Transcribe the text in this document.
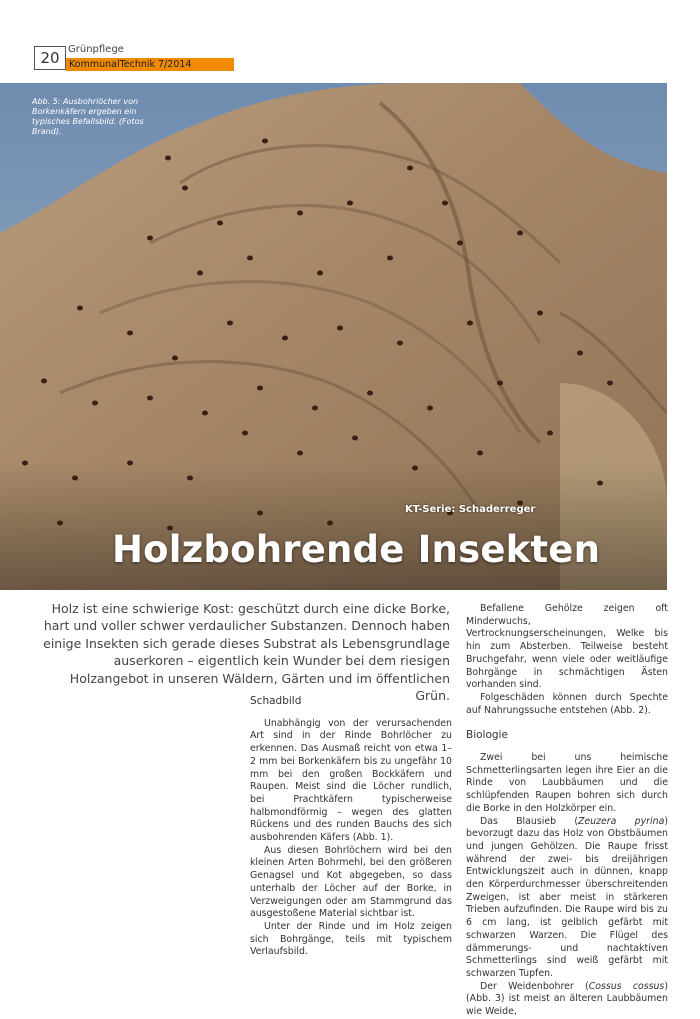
20 Grünpflege
KommunalTechnik 7/2014
Abb. 5: Ausbohrlöcher von Borkenkäfern ergeben ein typisches Befallsbild. (Fotos Brand).
KT-Serie: Schaderreger
Holzbohrende Insekten
Holz ist eine schwierige Kost: geschützt durch eine dicke Borke, hart und voller schwer verdaulicher Substanzen. Dennoch haben einige Insekten sich gerade dieses Substrat als Lebensgrundlage auserkoren – eigentlich kein Wunder bei dem riesigen Holzangebot in unseren Wäldern, Gärten und im öffentlichen Grün.
Schadbild

Unabhängig von der verursachenden Art sind in der Rinde Bohrlöcher zu erkennen. Das Ausmaß reicht von etwa 1–2 mm bei Borkenkäfern bis zu ungefähr 10 mm bei den großen Bockkäfern und Raupen. Meist sind die Löcher rundlich, bei Prachtkäfern typischerweise halbmondförmig – wegen des glatten Rückens und des runden Bauchs des sich ausbohrenden Käfers (Abb. 1).

Aus diesen Bohrlöchern wird bei den kleinen Arten Bohrmehl, bei den größeren Genagsel und Kot abgegeben, so dass unterhalb der Löcher auf der Borke, in Verzweigungen oder am Stammgrund das ausgestoßene Material sichtbar ist.

Unter der Rinde und im Holz zeigen sich Bohrgänge, teils mit typischem Verlaufsbild.

Befallene Gehölze zeigen oft Minderwuchs, Vertrocknungserscheinungen, Welke bis hin zum Absterben. Teilweise besteht Bruchgefahr, wenn viele oder weitläufige Bohrgänge in schmächtigen Ästen vorhanden sind.

Folgeschäden können durch Spechte auf Nahrungssuche entstehen (Abb. 2).

Biologie

Zwei bei uns heimische Schmetterlingsarten legen ihre Eier an die Rinde von Laubbäumen und die schlüpfenden Raupen bohren sich durch die Borke in den Holzkörper ein.

Das Blausieb (Zeuzera pyrina) bevorzugt dazu das Holz von Obstbäumen und jungen Gehölzen. Die Raupe frisst während der zwei- bis dreijährigen Entwicklungszeit auch in dünnen, knapp den Körperdurchmesser überschreitenden Zweigen, ist aber meist in stärkeren Trieben aufzufinden. Die Raupe wird bis zu 6 cm lang, ist gelblich gefärbt mit schwarzen Warzen. Die Flügel des dämmerungs- und nachtaktiven Schmetterlings sind weiß gefärbt mit schwarzen Tupfen.

Der Weidenbohrer (Cossus cossus) (Abb. 3) ist meist an älteren Laubbäumen wie Weide,
